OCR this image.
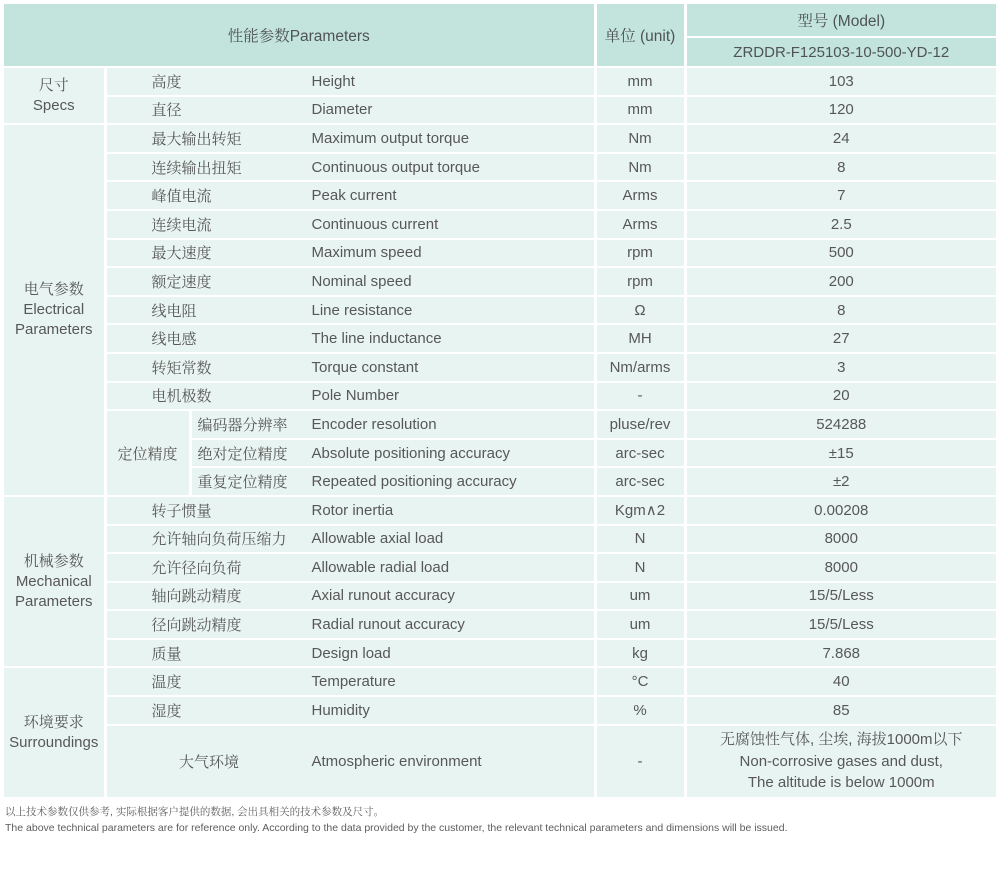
性能参数Parameters			单位 (unit)	型号 (Model)
				ZRDDR-F125103-10-500-YD-12

尺寸
Specs	高度 Height		mm	103

	直径 Diameter		mm	120

电气参数
Electrical Parameters	最大输出转矩 Maximum output torque		Nm	24

	连续输出扭矩 Continuous output torque		Nm	8

	峰值电流 Peak current		Arms	7

	连续电流 Continuous current		Arms	2.5

	最大速度 Maximum speed		rpm	500

	额定速度 Nominal speed		rpm	200

	线电阻 Line resistance		Ω	8

	线电感 The line inductance		MH	27

	转矩常数 Torque constant		Nm/arms	3

	电机极数 Pole Number		-	20
	定位精度	编码器分辨率 Encoder resolution	pluse/rev	524288

		绝对定位精度 Absolute positioning accuracy	arc-sec	±15

		重复定位精度 Repeated positioning accuracy	arc-sec	±2

机械参数
Mechanical Parameters	转子惯量 Rotor inertia		Kgm∧2	0.00208

	允许轴向负荷压缩力 Allowable axial load		N	8000

	允许径向负荷 Allowable radial load		N	8000

	轴向跳动精度 Axial runout accuracy		um	15/5/Less

	径向跳动精度 Radial runout accuracy		um	15/5/Less

	质量 Design load		kg	7.868

环境要求
Surroundings	温度 Temperature		°C	40

	湿度 Humidity		%	85

	大气环境 Atmospheric environment		-	无腐蚀性气体, 尘埃, 海拔1000m以下
Non-corrosive gases and dust,
The altitude is below 1000m

以上技术参数仅供参考, 实际根据客户提供的数据, 会出具相关的技术参数及尺寸。

The above technical parameters are for reference only. According to the data provided by the customer, the relevant technical parameters and dimensions will be issued.
